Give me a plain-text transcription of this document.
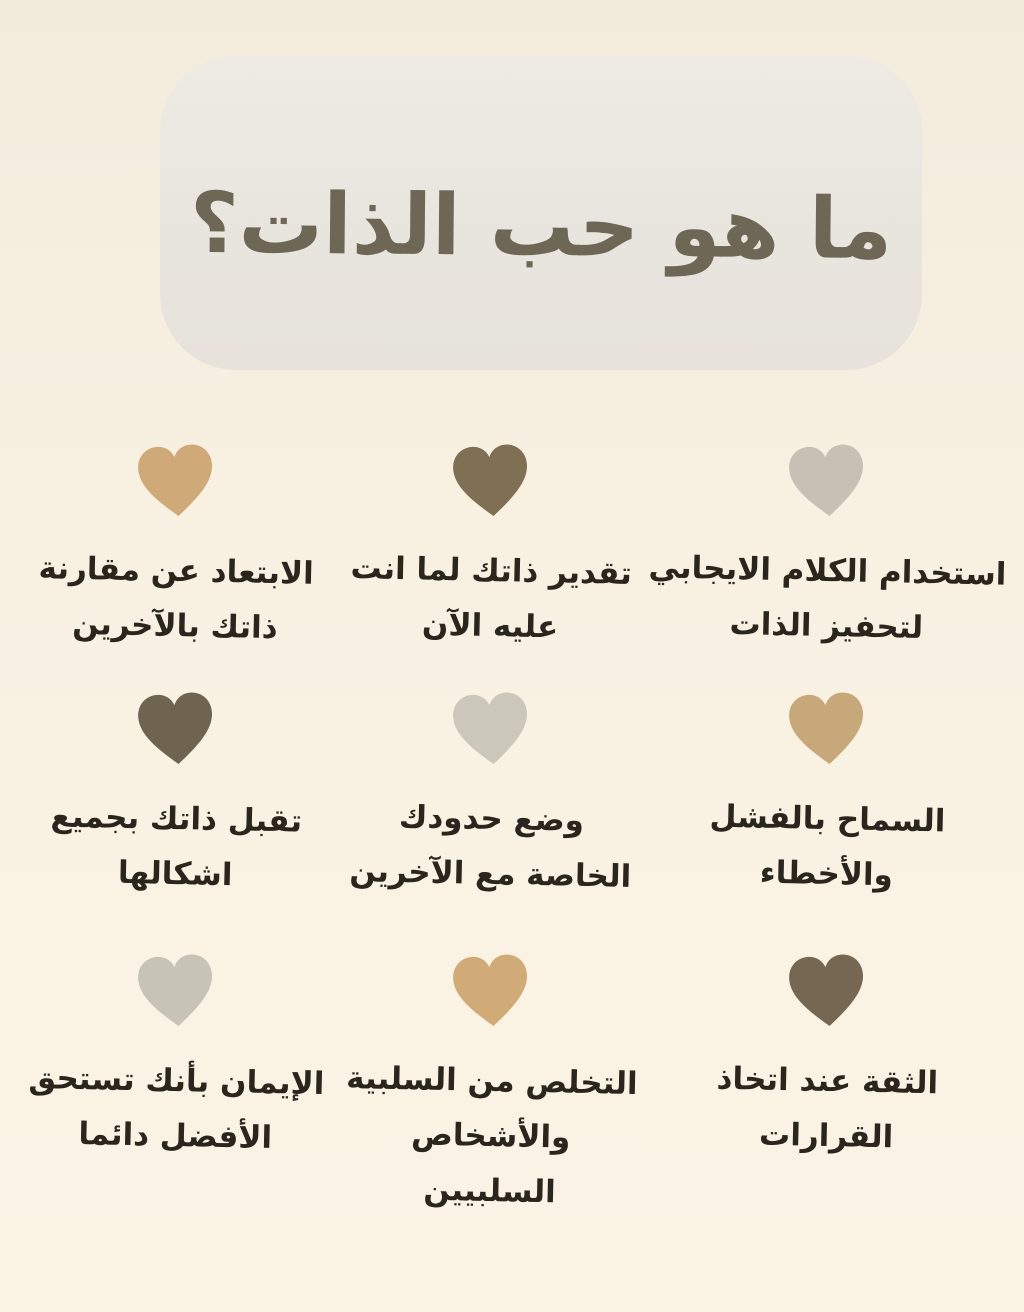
ما هو حب الذات؟
استخدام الكلام الايجابي
لتحفيز الذات
تقدير ذاتك لما انت
عليه الآن
الابتعاد عن مقارنة
ذاتك بالآخرين
السماح بالفشل
والأخطاء
وضع حدودك
الخاصة مع الآخرين
تقبل ذاتك بجميع
اشكالها
الثقة عند اتخاذ
القرارات
التخلص من السلبية
والأشخاص
السلبيين
الإيمان بأنك تستحق
الأفضل دائما
